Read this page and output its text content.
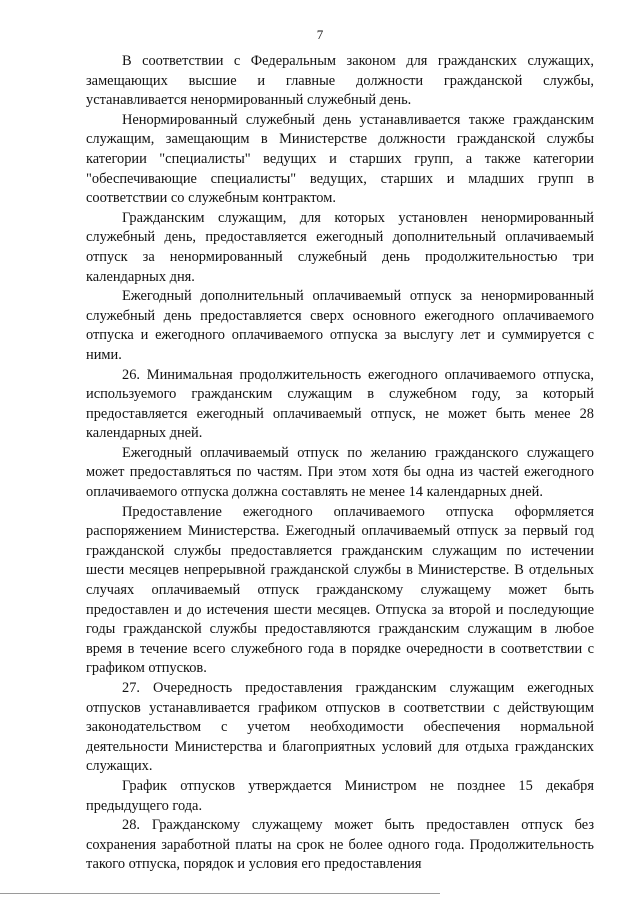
7

В соответствии с Федеральным законом для гражданских служащих, замещающих высшие и главные должности гражданской службы, устанавливается ненормированный служебный день.

Ненормированный служебный день устанавливается также гражданским служащим, замещающим в Министерстве должности гражданской службы категории "специалисты" ведущих и старших групп, а также категории "обеспечивающие специалисты" ведущих, старших и младших групп в соответствии со служебным контрактом.

Гражданским служащим, для которых установлен ненормированный служебный день, предоставляется ежегодный дополнительный оплачиваемый отпуск за ненормированный служебный день продолжительностью три календарных дня.

Ежегодный дополнительный оплачиваемый отпуск за ненормированный служебный день предоставляется сверх основного ежегодного оплачиваемого отпуска и ежегодного оплачиваемого отпуска за выслугу лет и суммируется с ними.

26. Минимальная продолжительность ежегодного оплачиваемого отпуска, используемого гражданским служащим в служебном году, за который предоставляется ежегодный оплачиваемый отпуск, не может быть менее 28 календарных дней.

Ежегодный оплачиваемый отпуск по желанию гражданского служащего может предоставляться по частям. При этом хотя бы одна из частей ежегодного оплачиваемого отпуска должна составлять не менее 14 календарных дней.

Предоставление ежегодного оплачиваемого отпуска оформляется распоряжением Министерства. Ежегодный оплачиваемый отпуск за первый год гражданской службы предоставляется гражданским служащим по истечении шести месяцев непрерывной гражданской службы в Министерстве. В отдельных случаях оплачиваемый отпуск гражданскому служащему может быть предоставлен и до истечения шести месяцев. Отпуска за второй и последующие годы гражданской службы предоставляются гражданским служащим в любое время в течение всего служебного года в порядке очередности в соответствии с графиком отпусков.

27. Очередность предоставления гражданским служащим ежегодных отпусков устанавливается графиком отпусков в соответствии с действующим законодательством с учетом необходимости обеспечения нормальной деятельности Министерства и благоприятных условий для отдыха гражданских служащих.

График отпусков утверждается Министром не позднее 15 декабря предыдущего года.

28. Гражданскому служащему может быть предоставлен отпуск без сохранения заработной платы на срок не более одного года. Продолжительность такого отпуска, порядок и условия его предоставления
